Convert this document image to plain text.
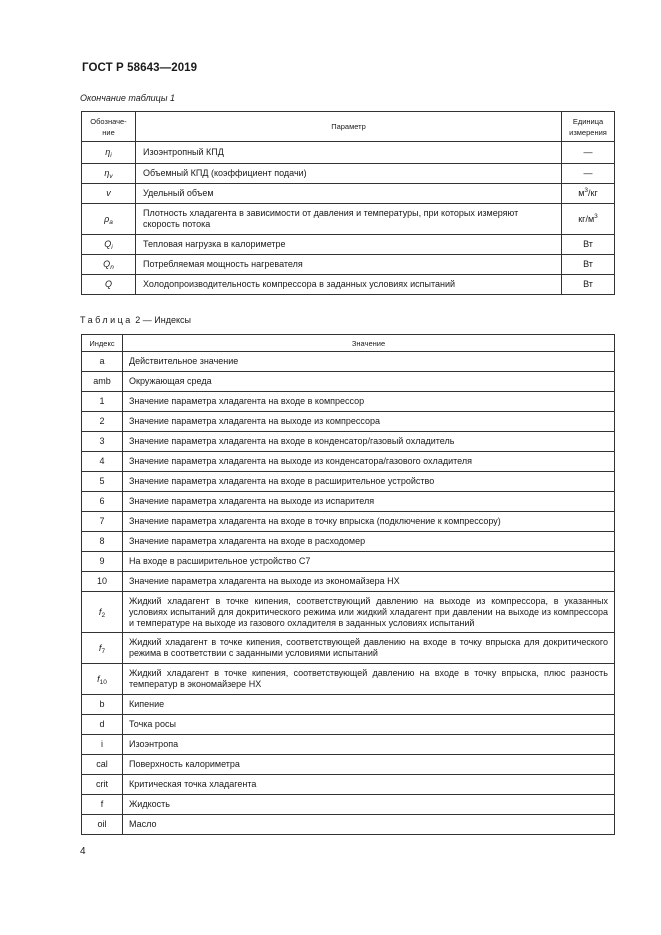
ГОСТ Р 58643—2019
Окончание таблицы 1
Обозначе- ние	Параметр	Единица измерения
$\eta_i$	Изоэнтропный КПД	—
$\eta_v$	Объемный КПД (коэффициент подачи)	—
v	Удельный объем	$м^3/кг$
$\rho_a$	Плотность хладагента в зависимости от давления и температуры, при которых измеряют скорость потока	$кг/м^3$
$Q_i$	Тепловая нагрузка в калориметре	Вт
$Q_n$	Потребляемая мощность нагревателя	Вт
Q	Холодопроизводительность компрессора в заданных условиях испытаний	Вт
Таблица 2 — Индексы
Индекс	Значение
a	Действительное значение
amb	Окружающая среда
1	Значение параметра хладагента на входе в компрессор
2	Значение параметра хладагента на выходе из компрессора
3	Значение параметра хладагента на входе в конденсатор/газовый охладитель
4	Значение параметра хладагента на выходе из конденсатора/газового охладителя
5	Значение параметра хладагента на входе в расширительное устройство
6	Значение параметра хладагента на выходе из испарителя
7	Значение параметра хладагента на входе в точку впрыска (подключение к компрессору)
8	Значение параметра хладагента на входе в расходомер
9	На входе в расширительное устройство С7
10	Значение параметра хладагента на выходе из экономайзера НХ
$f_2$	Жидкий хладагент в точке кипения, соответствующий давлению на выходе из компрессора, в указанных условиях испытаний для докритического режима или жидкий хладагент при давлении на выходе из компрессора и температуре на выходе из газового охладителя в заданных условиях испытаний
$f_7$	Жидкий хладагент в точке кипения, соответствующей давлению на входе в точку впрыска для докритического режима в соответствии с заданными условиями испытаний
$f_{10}$	Жидкий хладагент в точке кипения, соответствующей давлению на входе в точку впрыска, плюс разность температур в экономайзере НХ
b	Кипение
d	Точка росы
i	Изоэнтропа
cal	Поверхность калориметра
crit	Критическая точка хладагента
f	Жидкость
oil	Масло
4
